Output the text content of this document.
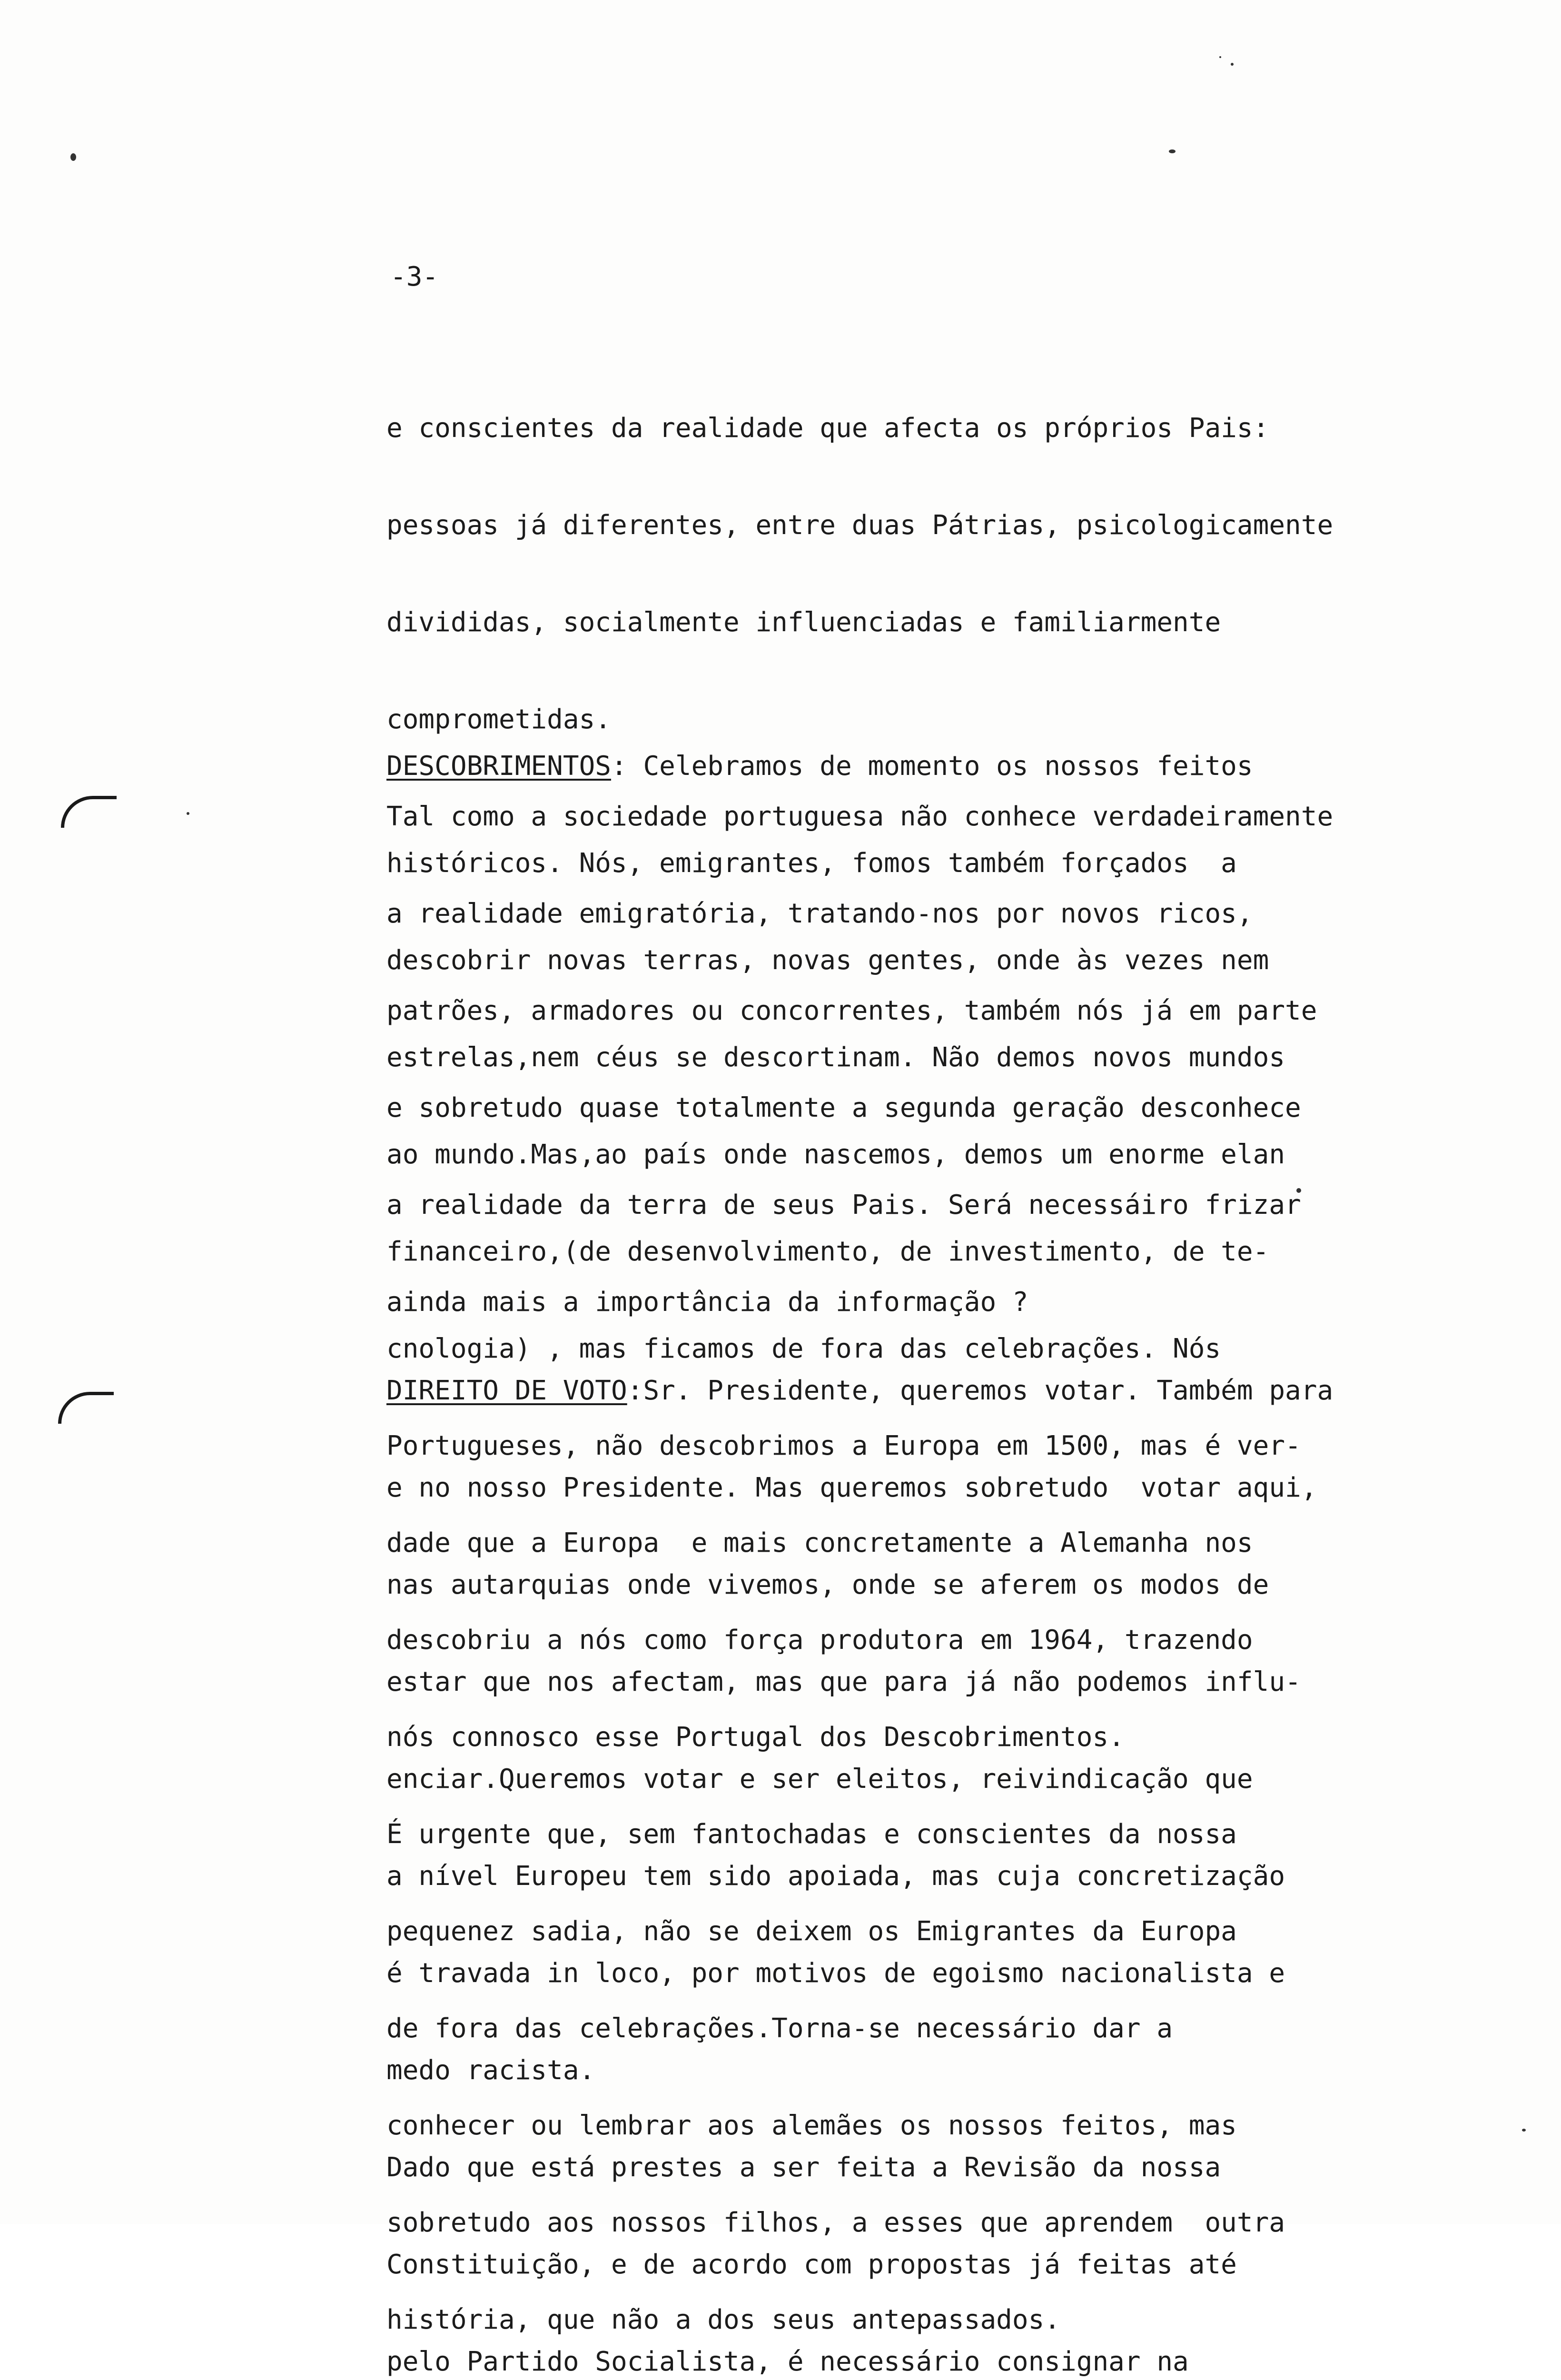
-3-

e conscientes da realidade que afecta os próprios Pais:

pessoas já diferentes, entre duas Pátrias, psicologicamente

divididas, socialmente influenciadas e familiarmente

comprometidas.

Tal como a sociedade portuguesa não conhece verdadeiramente

a realidade emigratória, tratando-nos por novos ricos,

patrões, armadores ou concorrentes, também nós já em parte

e sobretudo quase totalmente a segunda geração desconhece

a realidade da terra de seus Pais. Será necessáiro frizar

ainda mais a importância da informação ?

DESCOBRIMENTOS: Celebramos de momento os nossos feitos

históricos. Nós, emigrantes, fomos também forçados  a

descobrir novas terras, novas gentes, onde às vezes nem

estrelas,nem céus se descortinam. Não demos novos mundos

ao mundo.Mas,ao país onde nascemos, demos um enorme elan

financeiro,(de desenvolvimento, de investimento, de te-

cnologia) , mas ficamos de fora das celebrações. Nós

Portugueses, não descobrimos a Europa em 1500, mas é ver-

dade que a Europa  e mais concretamente a Alemanha nos

descobriu a nós como força produtora em 1964, trazendo

nós connosco esse Portugal dos Descobrimentos.

É urgente que, sem fantochadas e conscientes da nossa

pequenez sadia, não se deixem os Emigrantes da Europa

de fora das celebrações.Torna-se necessário dar a

conhecer ou lembrar aos alemães os nossos feitos, mas

sobretudo aos nossos filhos, a esses que aprendem  outra

história, que não a dos seus antepassados.

DIREITO DE VOTO:Sr. Presidente, queremos votar. Também para

e no nosso Presidente. Mas queremos sobretudo  votar aqui,

nas autarquias onde vivemos, onde se aferem os modos de

estar que nos afectam, mas que para já não podemos influ-

enciar.Queremos votar e ser eleitos, reivindicação que

a nível Europeu tem sido apoiada, mas cuja concretização

é travada in loco, por motivos de egoismo nacionalista e

medo racista.

Dado que está prestes a ser feita a Revisão da nossa

Constituição, e de acordo com propostas já feitas até

pelo Partido Socialista, é necessário consignar na
